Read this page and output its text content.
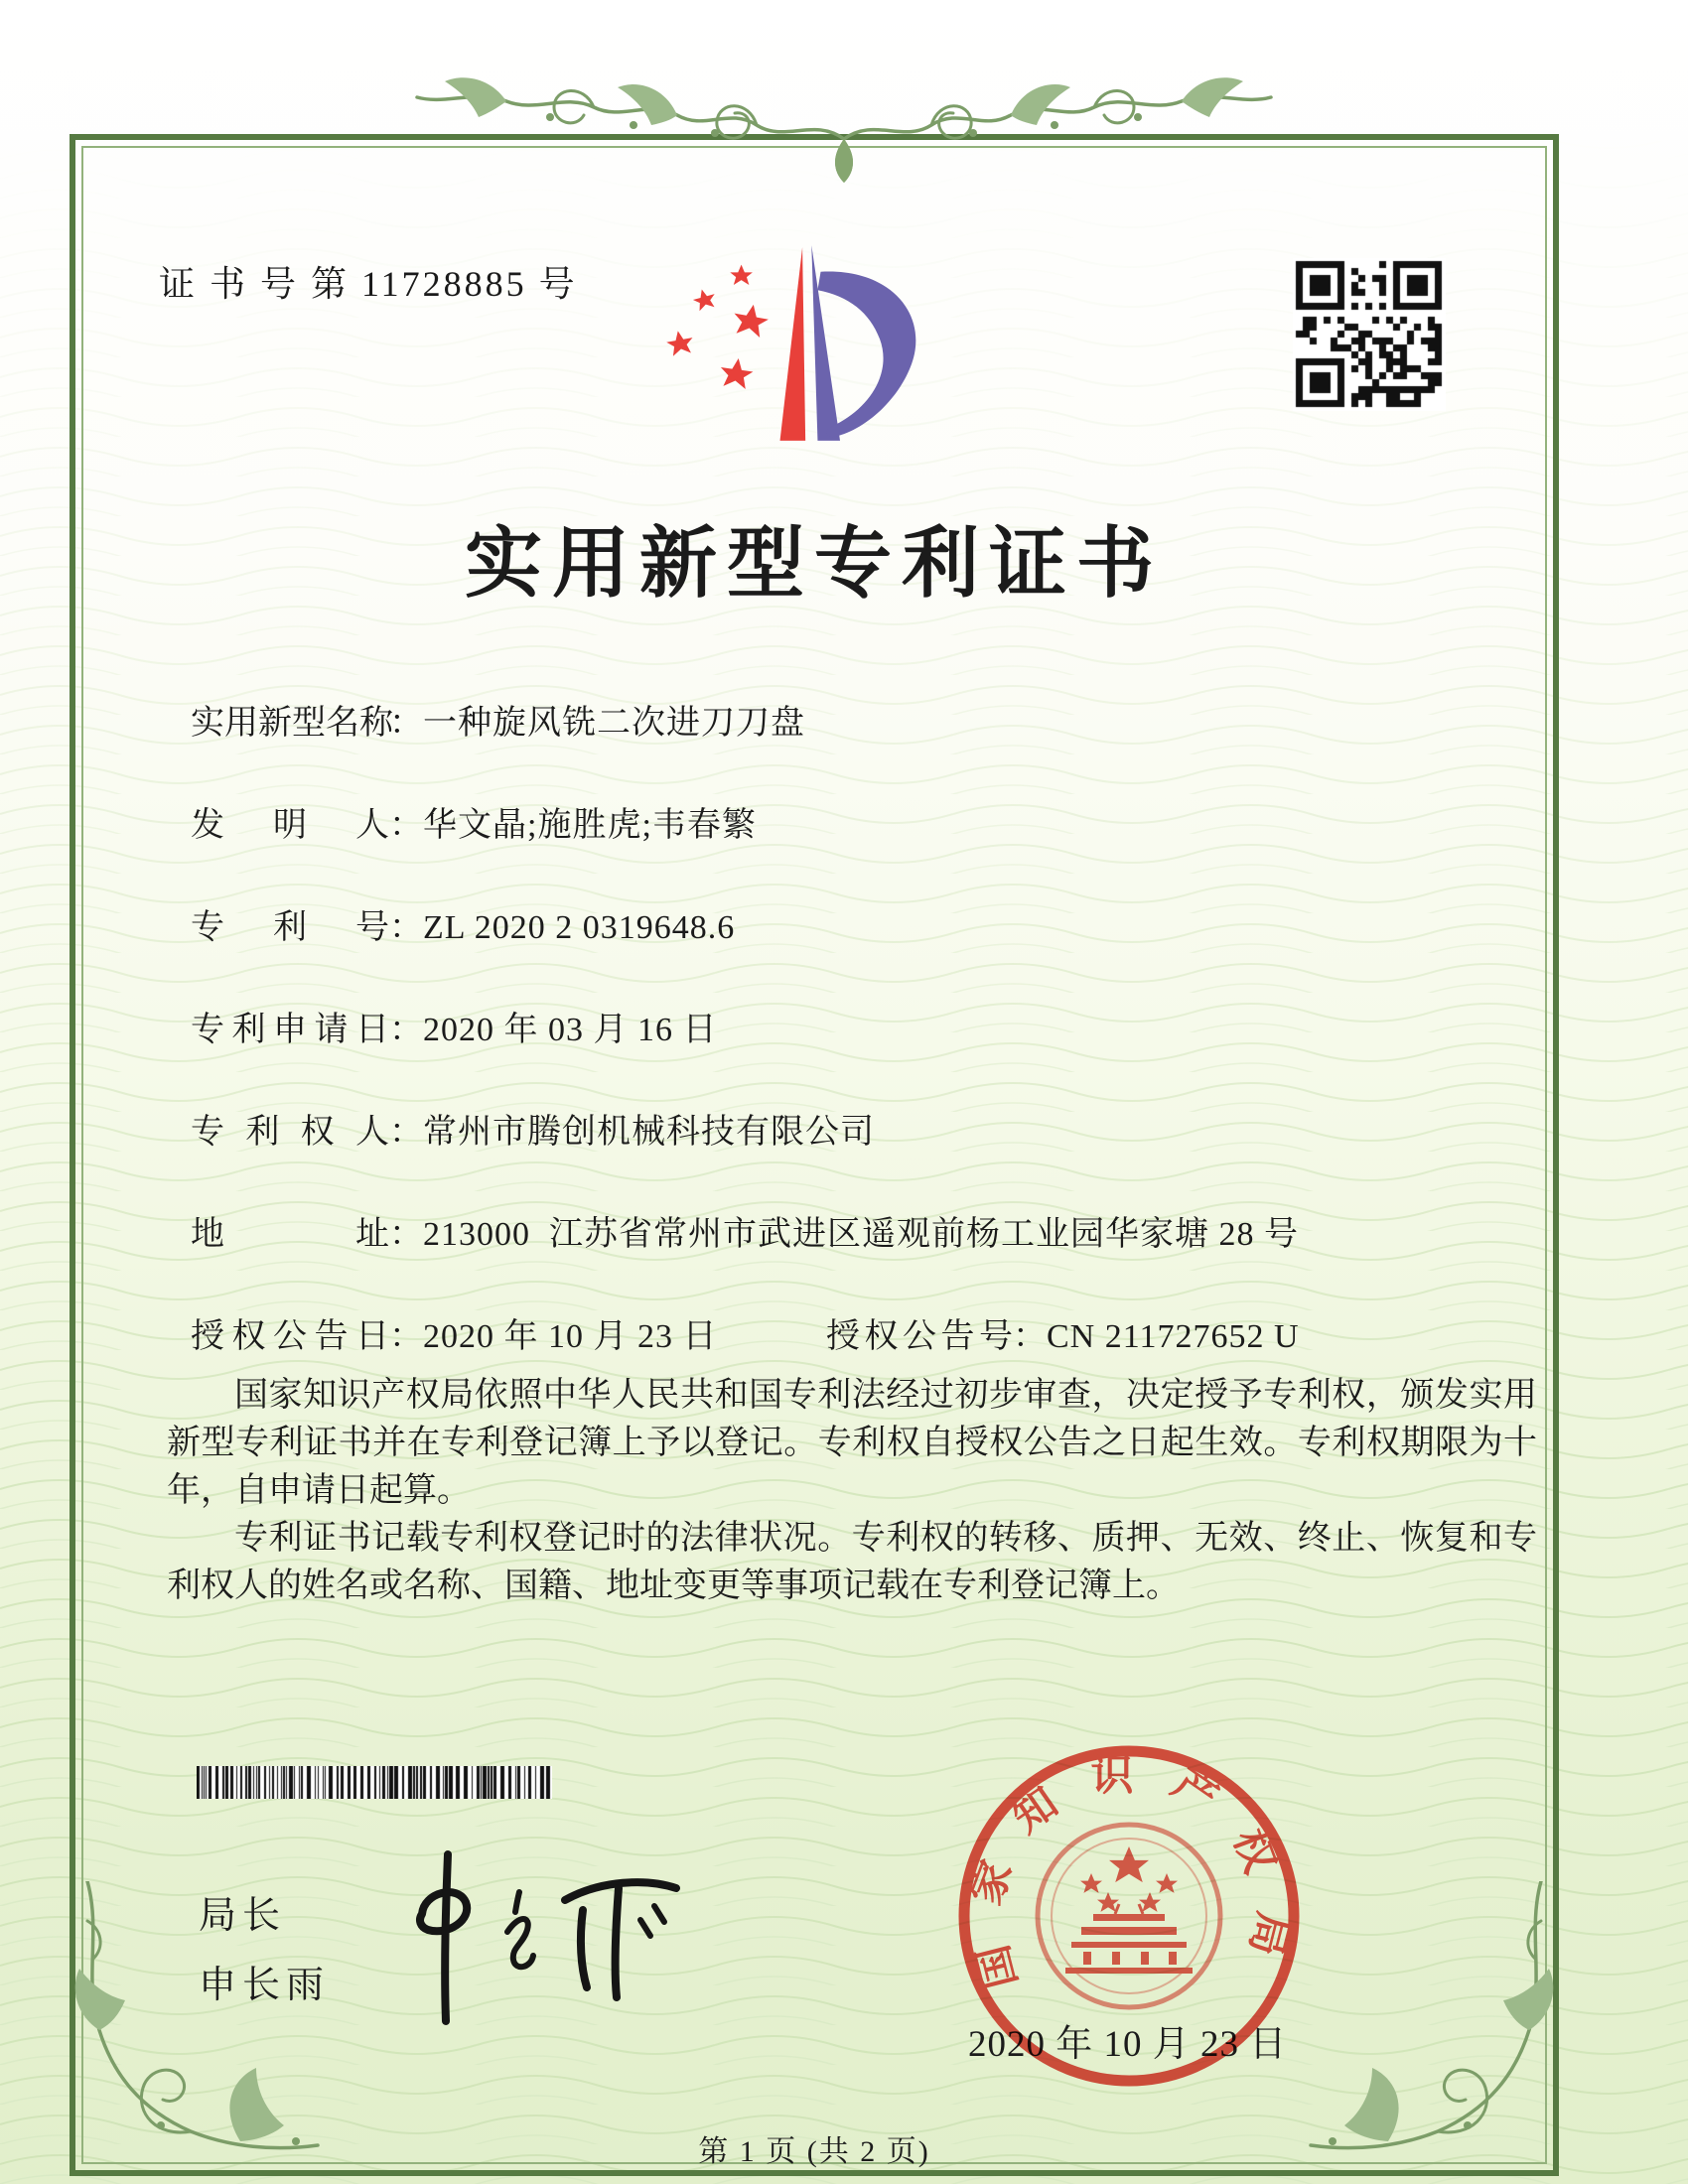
证 书 号 第 11728885 号
实用新型专利证书
实用新型名称：一种旋风铣二次进刀刀盘
发明人：华文晶;施胜虎;韦春繁
专利号：ZL 2020 2 0319648.6
专利申请日：2020 年 03 月 16 日
专利权人：常州市腾创机械科技有限公司
地址：213000  江苏省常州市武进区遥观前杨工业园华家塘 28 号
授权公告日：2020 年 10 月 23 日	授权公告号：CN 211727652 U

国家知识产权局依照中华人民共和国专利法经过初步审查，决定授予专利权，颁发实用新型专利证书并在专利登记簿上予以登记。专利权自授权公告之日起生效。专利权期限为十年，自申请日起算。

专利证书记载专利权登记时的法律状况。专利权的转移、质押、无效、终止、恢复和专利权人的姓名或名称、国籍、地址变更等事项记载在专利登记簿上。

局长
申长雨
2020 年 10 月 23 日
国家知识产权局
第 1 页 (共 2 页)
